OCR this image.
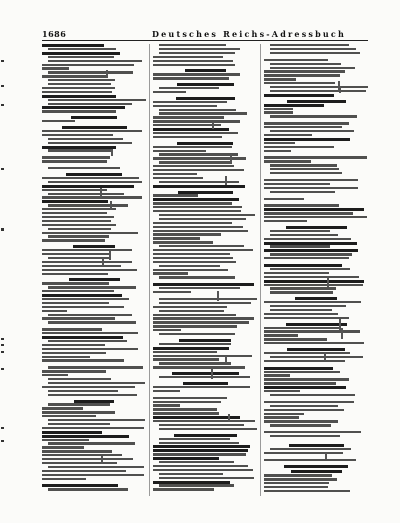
1686	Deutsches Reichs-Adressbuch
